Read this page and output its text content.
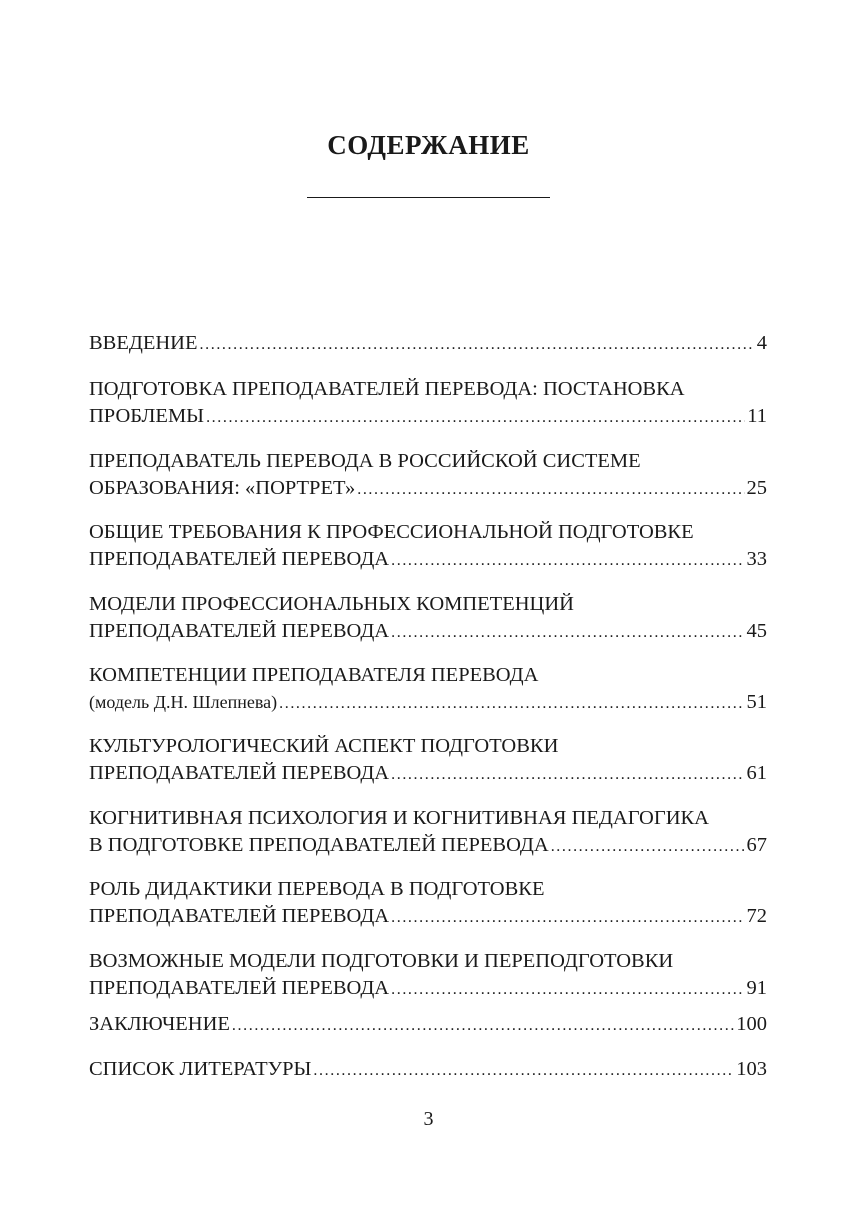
СОДЕРЖАНИЕ
ВВЕДЕНИЕ .....	4
ПОДГОТОВКА ПРЕПОДАВАТЕЛЕЙ ПЕРЕВОДА: ПОСТАНОВКА
ПРОБЛЕМЫ .....	11
ПРЕПОДАВАТЕЛЬ ПЕРЕВОДА В РОССИЙСКОЙ СИСТЕМЕ
ОБРАЗОВАНИЯ: «ПОРТРЕТ» .....	25
ОБЩИЕ ТРЕБОВАНИЯ К ПРОФЕССИОНАЛЬНОЙ ПОДГОТОВКЕ
ПРЕПОДАВАТЕЛЕЙ ПЕРЕВОДА .....	33
МОДЕЛИ ПРОФЕССИОНАЛЬНЫХ КОМПЕТЕНЦИЙ
ПРЕПОДАВАТЕЛЕЙ ПЕРЕВОДА .....	45
КОМПЕТЕНЦИИ ПРЕПОДАВАТЕЛЯ ПЕРЕВОДА
(модель Д.Н. Шлепнева) .....	51
КУЛЬТУРОЛОГИЧЕСКИЙ АСПЕКТ ПОДГОТОВКИ
ПРЕПОДАВАТЕЛЕЙ ПЕРЕВОДА .....	61
КОГНИТИВНАЯ ПСИХОЛОГИЯ И КОГНИТИВНАЯ ПЕДАГОГИКА
В ПОДГОТОВКЕ ПРЕПОДАВАТЕЛЕЙ ПЕРЕВОДА .....	67
РОЛЬ ДИДАКТИКИ ПЕРЕВОДА В ПОДГОТОВКЕ
ПРЕПОДАВАТЕЛЕЙ ПЕРЕВОДА .....	72
ВОЗМОЖНЫЕ МОДЕЛИ ПОДГОТОВКИ И ПЕРЕПОДГОТОВКИ
ПРЕПОДАВАТЕЛЕЙ ПЕРЕВОДА .....	91
ЗАКЛЮЧЕНИЕ .....	100
СПИСОК ЛИТЕРАТУРЫ .....	103
3
